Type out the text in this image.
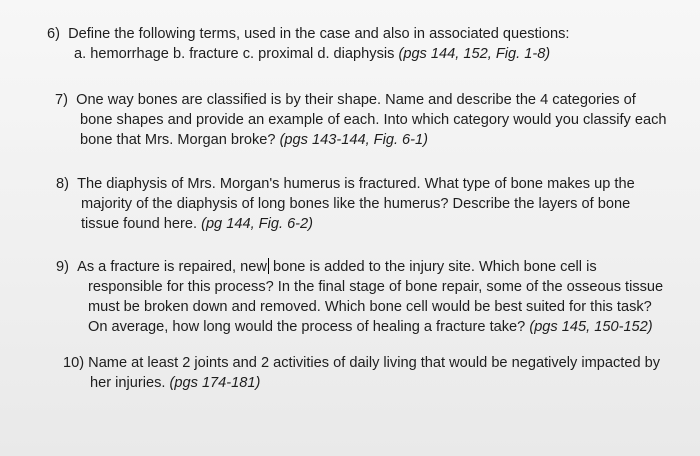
6) Define the following terms, used in the case and also in associated questions:
a. hemorrhage b. fracture c. proximal d. diaphysis (pgs 144, 152, Fig. 1-8)
7) One way bones are classified is by their shape. Name and describe the 4 categories of
bone shapes and provide an example of each. Into which category would you classify each
bone that Mrs. Morgan broke? (pgs 143-144, Fig. 6-1)
8) The diaphysis of Mrs. Morgan's humerus is fractured. What type of bone makes up the
majority of the diaphysis of long bones like the humerus? Describe the layers of bone
tissue found here. (pg 144, Fig. 6-2)
9) As a fracture is repaired, new bone is added to the injury site. Which bone cell is
responsible for this process? In the final stage of bone repair, some of the osseous tissue
must be broken down and removed. Which bone cell would be best suited for this task?
On average, how long would the process of healing a fracture take? (pgs 145, 150-152)
10) Name at least 2 joints and 2 activities of daily living that would be negatively impacted by
her injuries. (pgs 174-181)
